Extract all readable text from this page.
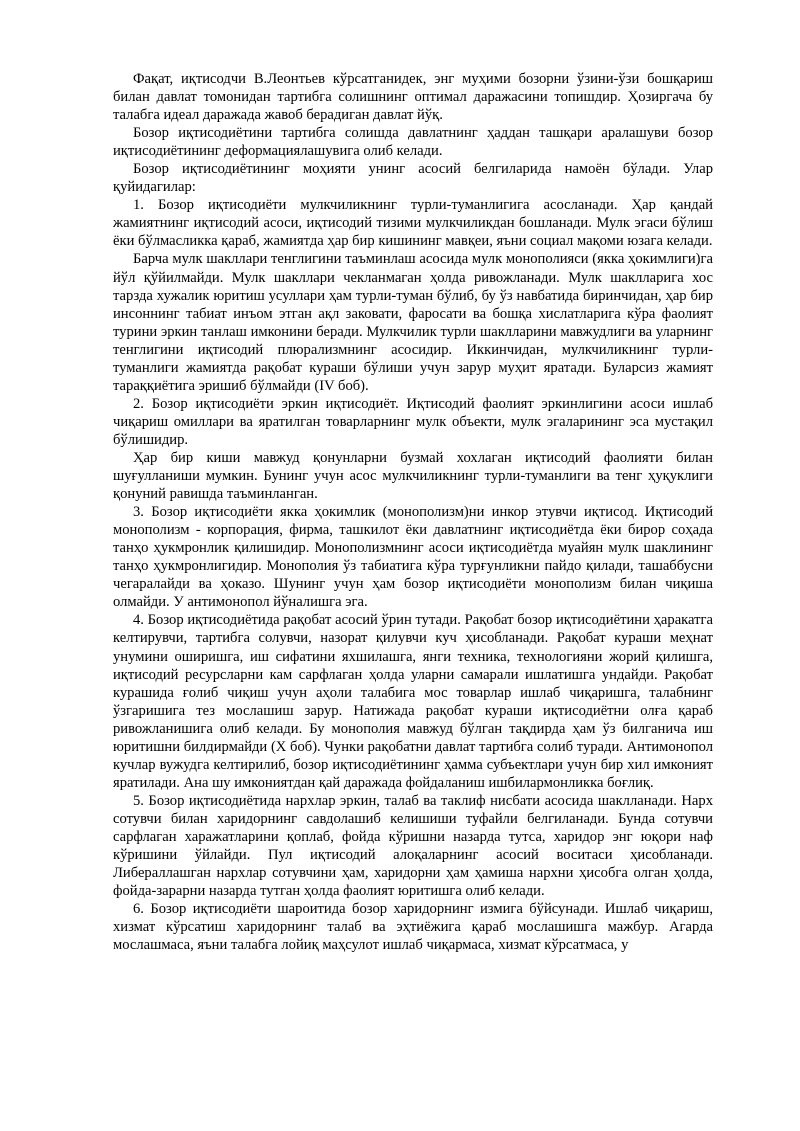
Фақат, иқтисодчи В.Леонтьев кўрсатганидек, энг муҳими бозорни ўзини-ўзи бошқариш билан давлат томонидан тартибга солишнинг оптимал даражасини топишдир. Ҳозиргача бу талабга идеал даражада жавоб берадиган давлат йўқ.

Бозор иқтисодиётини тартибга солишда давлатнинг ҳаддан ташқари аралашуви бозор иқтисодиётининг деформациялашувига олиб келади.

Бозор иқтисодиётининг моҳияти унинг асосий белгиларида намоён бўлади. Улар қуйидагилар:

1. Бозор иқтисодиёти мулкчиликнинг турли-туманлигига асосланади. Ҳар қандай жамиятнинг иқтисодий асоси, иқтисодий тизими мулкчиликдан бошланади. Мулк эгаси бўлиш ёки бўлмасликка қараб, жамиятда ҳар бир кишининг мавқеи, яъни социал мақоми юзага келади.

Барча мулк шакллари тенглигини таъминлаш асосида мулк монополияси (якка ҳокимлиги)га йўл қўйилмайди. Мулк шакллари чекланмаган ҳолда ривожланади. Мулк шаклларига хос тарзда хужалик юритиш усуллари ҳам турли-туман бўлиб, бу ўз навбатида биринчидан, ҳар бир инсоннинг табиат инъом этган ақл заковати, фаросати ва бошқа хислатларига кўра фаолият турини эркин танлаш имконини беради. Мулкчилик турли шаклларини мавжудлиги ва уларнинг тенглигини иқтисодий плюрализмнинг асосидир. Иккинчидан, мулкчиликнинг турли-туманлиги жамиятда рақобат кураши бўлиши учун зарур муҳит яратади. Буларсиз жамият тараққиётига эришиб бўлмайди (IV боб).

2. Бозор иқтисодиёти эркин иқтисодиёт. Иқтисодий фаолият эркинлигини асоси ишлаб чиқариш омиллари ва яратилган товарларнинг мулк объекти, мулк эгаларининг эса мустақил бўлишидир.

Ҳар бир киши мавжуд қонунларни бузмай хохлаган иқтисодий фаолияти билан шуғулланиши мумкин. Бунинг учун асос мулкчиликнинг турли-туманлиги ва тенг ҳуқуклиги қонуний равишда таъминланган.

3. Бозор иқтисодиёти якка ҳокимлик (монополизм)ни инкор этувчи иқтисод. Иқтисодий монополизм - корпорация, фирма, ташкилот ёки давлатнинг иқтисодиётда ёки бирор соҳада танҳо ҳукмронлик қилишидир. Монополизмнинг асоси иқтисодиётда муайян мулк шаклининг танҳо ҳукмронлигидир. Монополия ўз табиатига кўра турғунликни пайдо қилади, ташаббусни чегаралайди ва ҳоказо. Шунинг учун ҳам бозор иқтисодиёти монополизм билан чиқиша олмайди. У антимонопол йўналишга эга.

4. Бозор иқтисодиётида рақобат асосий ўрин тутади. Рақобат бозор иқтисодиётини ҳаракатга келтирувчи, тартибга солувчи, назорат қилувчи куч ҳисобланади. Рақобат кураши меҳнат унумини оширишга, иш сифатини яхшилашга, янги техника, технологияни жорий қилишга, иқтисодий ресурсларни кам сарфлаган ҳолда уларни самарали ишлатишга ундайди. Рақобат курашида ғолиб чиқиш учун аҳоли талабига мос товарлар ишлаб чиқаришга, талабнинг ўзгаришига тез мослашиш зарур. Натижада рақобат кураши иқтисодиётни олға қараб ривожланишига олиб келади. Бу монополия мавжуд бўлган тақдирда ҳам ўз билганича иш юритишни билдирмайди (X боб). Чунки рақобатни давлат тартибга солиб туради. Антимонопол кучлар вужудга келтирилиб, бозор иқтисодиётининг ҳамма субъектлари учун бир хил имконият яратилади. Ана шу имкониятдан қай даражада фойдаланиш ишбилармонликка боғлиқ.

5. Бозор иқтисодиётида нархлар эркин, талаб ва таклиф нисбати асосида шаклланади. Нарх сотувчи билан харидорнинг савдолашиб келишиши туфайли белгиланади. Бунда сотувчи сарфлаган харажатларини қоплаб, фойда кўришни назарда тутса, харидор энг юқори наф кўришини ўйлайди. Пул иқтисодий алоқаларнинг асосий воситаси ҳисобланади. Либераллашган нархлар сотувчини ҳам, харидорни ҳам ҳамиша нархни ҳисобга олган ҳолда, фойда-зарарни назарда тутган ҳолда фаолият юритишга олиб келади.

6. Бозор иқтисодиёти шароитида бозор харидорнинг измига бўйсунади. Ишлаб чиқариш, хизмат кўрсатиш харидорнинг талаб ва эҳтиёжига қараб мослашишга мажбур. Агарда мослашмаса, яъни талабга лойиқ маҳсулот ишлаб чиқармаса, хизмат кўрсатмаса, у
